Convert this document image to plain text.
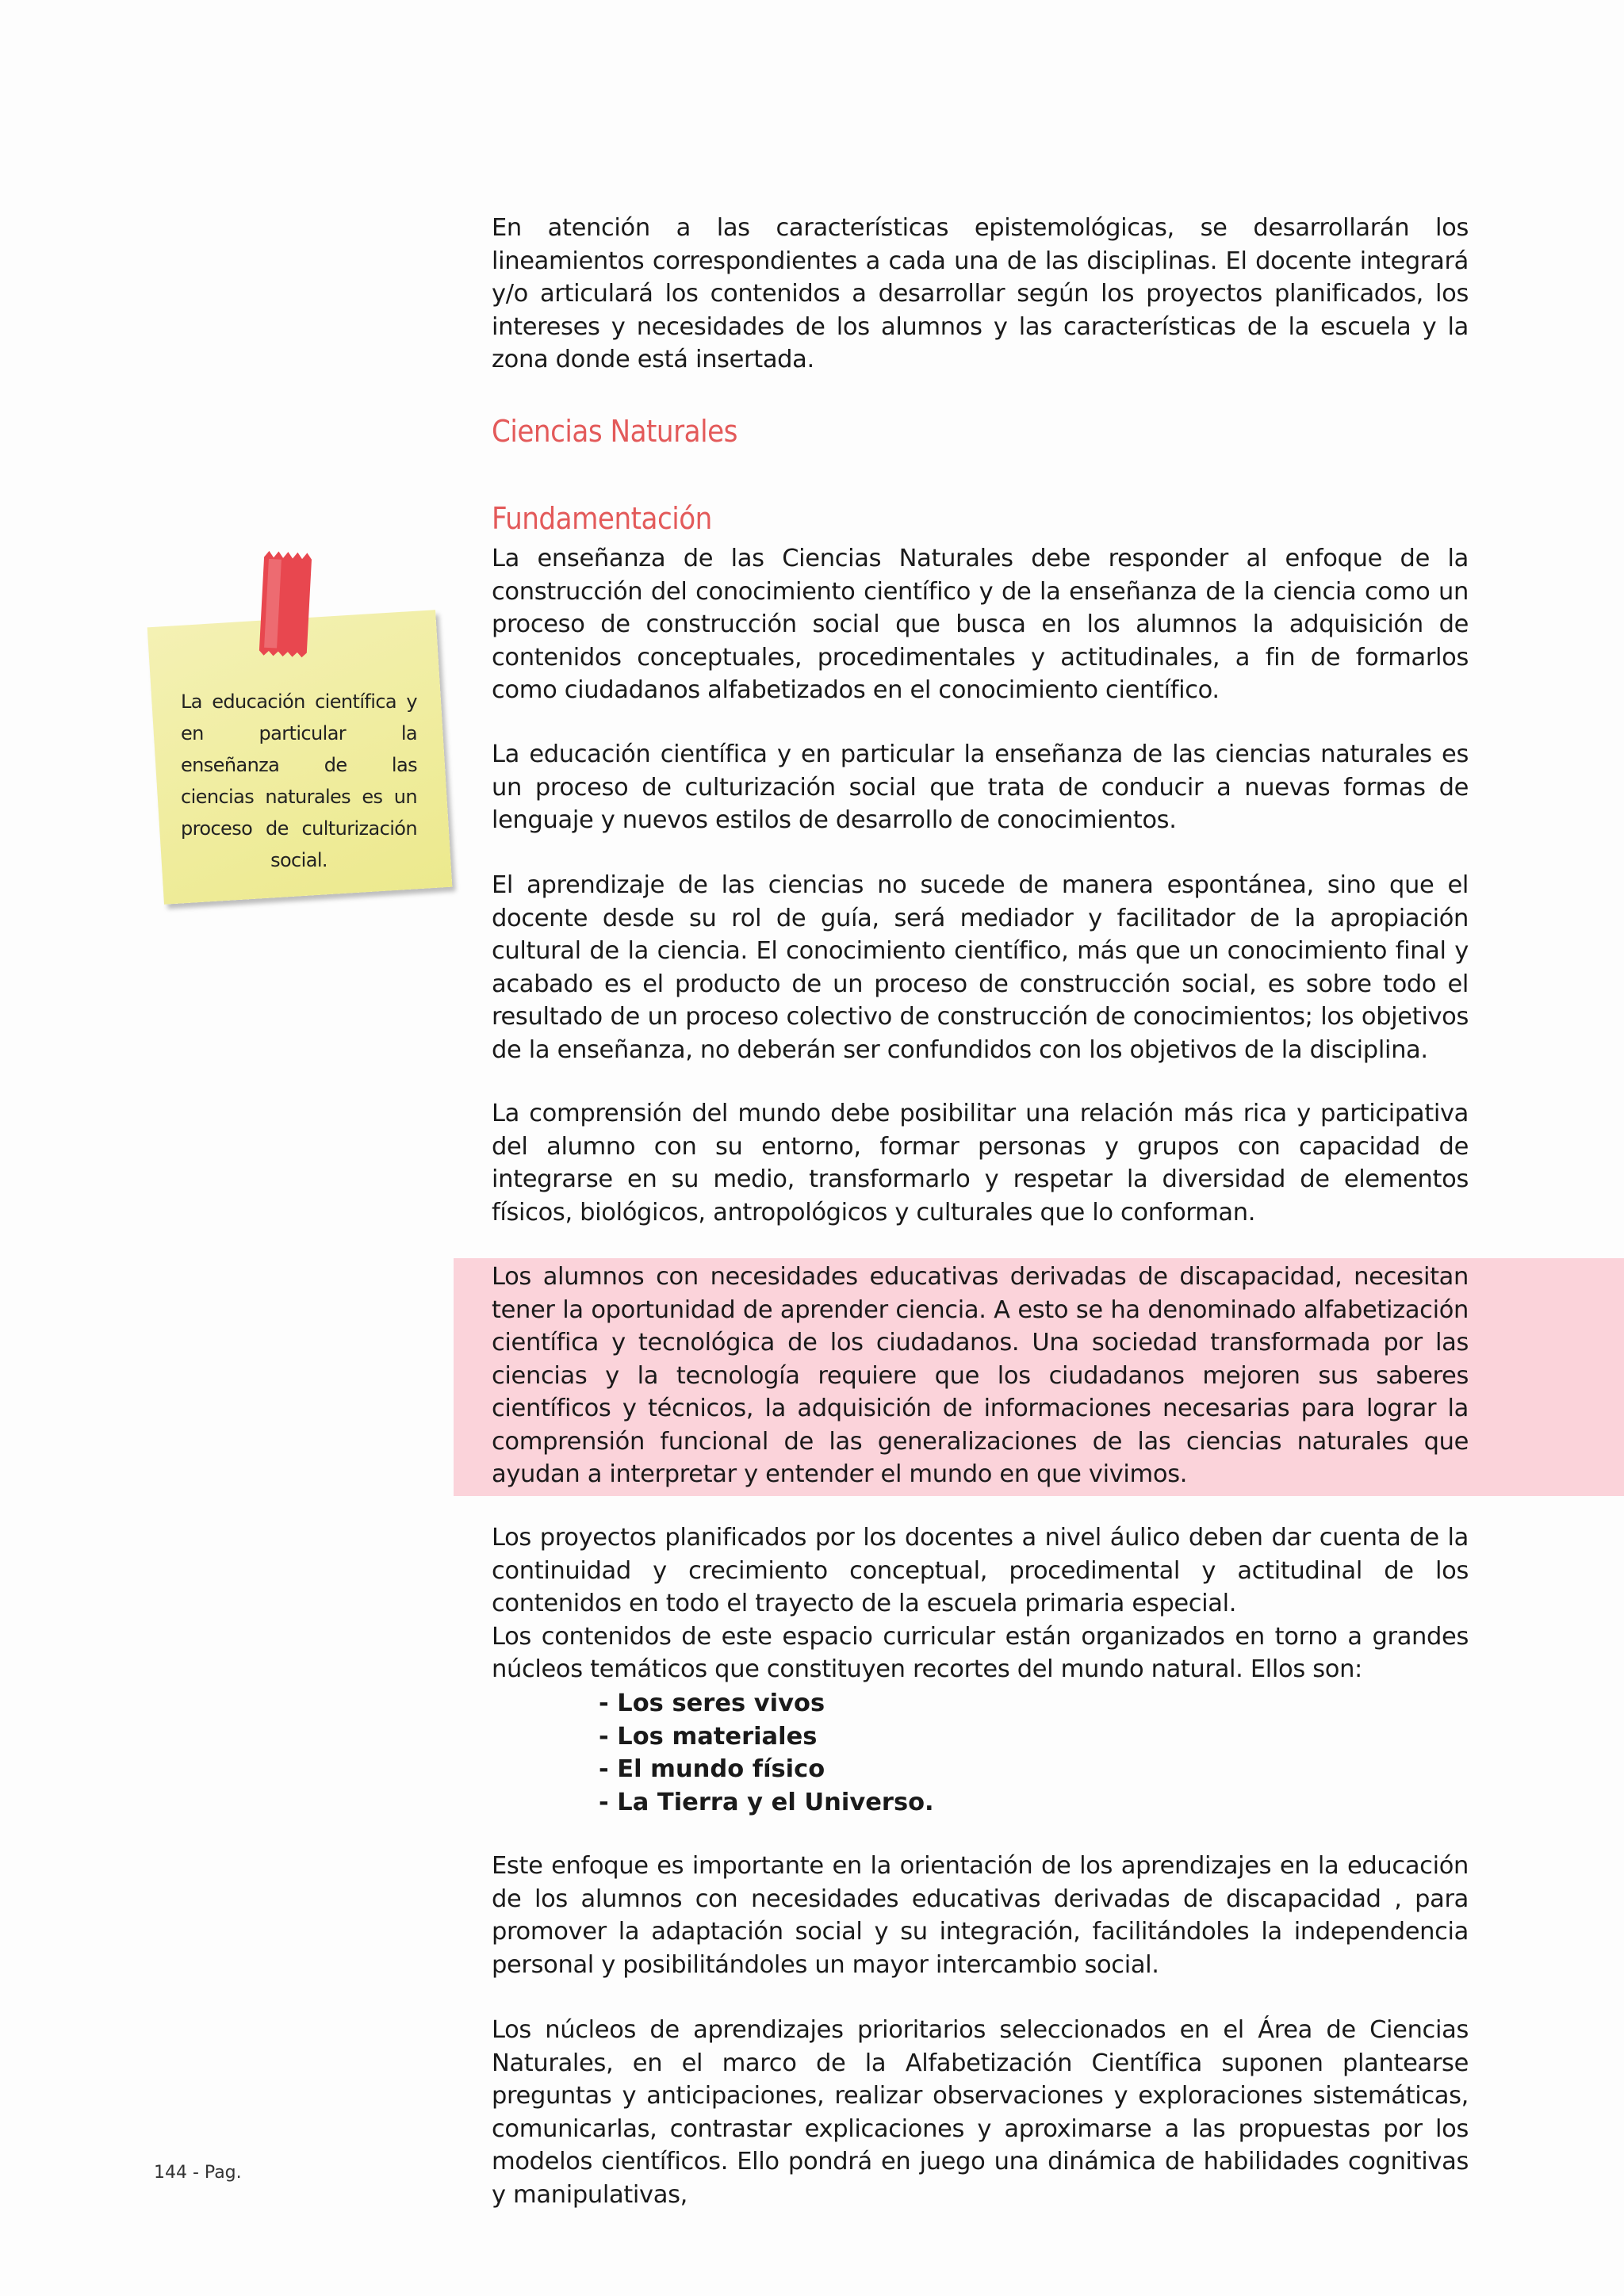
En atención a las características epistemológicas, se desarrollarán los lineamientos correspondientes a cada una de las disciplinas. El docente integrará y/o articulará los contenidos a desarrollar según los proyectos planificados, los intereses y necesidades de los alumnos y las características de la escuela y la zona donde está insertada.

Ciencias Naturales
Fundamentación

La enseñanza de las Ciencias Naturales debe responder al enfoque de la construcción del conocimiento científico y de la enseñanza de la ciencia como un proceso de construcción social que busca en los alumnos la adquisición de contenidos conceptuales, procedimentales y actitudinales, a fin de formarlos como ciudadanos alfabetizados en el conocimiento científico.

La educación científica y en particular la enseñanza de las ciencias naturales es un proceso de culturización social que trata de conducir a nuevas formas de lenguaje y nuevos estilos de desarrollo de conocimientos.

El aprendizaje de las ciencias no sucede de manera espontánea, sino que el docente desde su rol de guía, será mediador y facilitador de la apropiación cultural de la ciencia. El conocimiento científico, más que un conocimiento final y acabado es el producto de un proceso de construcción social, es sobre todo el resultado de un proceso colectivo de construcción de conocimientos; los objetivos de la enseñanza, no deberán ser confundidos con los objetivos de la disciplina.

La comprensión del mundo debe posibilitar una relación más rica y participativa del alumno con su entorno, formar personas y grupos con capacidad de integrarse en su medio, transformarlo y respetar la diversidad de elementos físicos, biológicos, antropológicos y culturales que lo conforman.

Los alumnos con necesidades educativas derivadas de discapacidad, necesitan tener la oportunidad de aprender ciencia. A esto se ha denominado alfabetización científica y tecnológica de los ciudadanos. Una sociedad transformada por las ciencias y la tecnología requiere que los ciudadanos mejoren sus saberes científicos y técnicos, la adquisición de informaciones necesarias para lograr la comprensión funcional de las generalizaciones de las ciencias naturales que ayudan a interpretar y entender el mundo en que vivimos.

Los proyectos planificados por los docentes a nivel áulico deben dar cuenta de la continuidad y crecimiento conceptual, procedimental y actitudinal de los contenidos en todo el trayecto de la escuela primaria especial.

Los contenidos de este espacio curricular están organizados en torno a grandes núcleos temáticos que constituyen recortes del mundo natural. Ellos son:

- Los seres vivos
- Los materiales
- El mundo físico
- La Tierra y el Universo.

Este enfoque es importante en la orientación de los aprendizajes en la educación de los alumnos con necesidades educativas derivadas de discapacidad , para promover la adaptación social y su integración, facilitándoles la independencia personal y posibilitándoles un mayor intercambio social.

Los núcleos de aprendizajes prioritarios seleccionados en el Área de Ciencias Naturales, en el marco de la Alfabetización Científica suponen plantearse preguntas y anticipaciones, realizar observaciones y exploraciones sistemáticas, comunicarlas, contrastar explicaciones y aproximarse a las propuestas por los modelos científicos. Ello pondrá en juego una dinámica de habilidades cognitivas y manipulativas,

La educación científica y en particular la enseñanza de las ciencias naturales es un proceso de culturización social.
144 - Pag.
